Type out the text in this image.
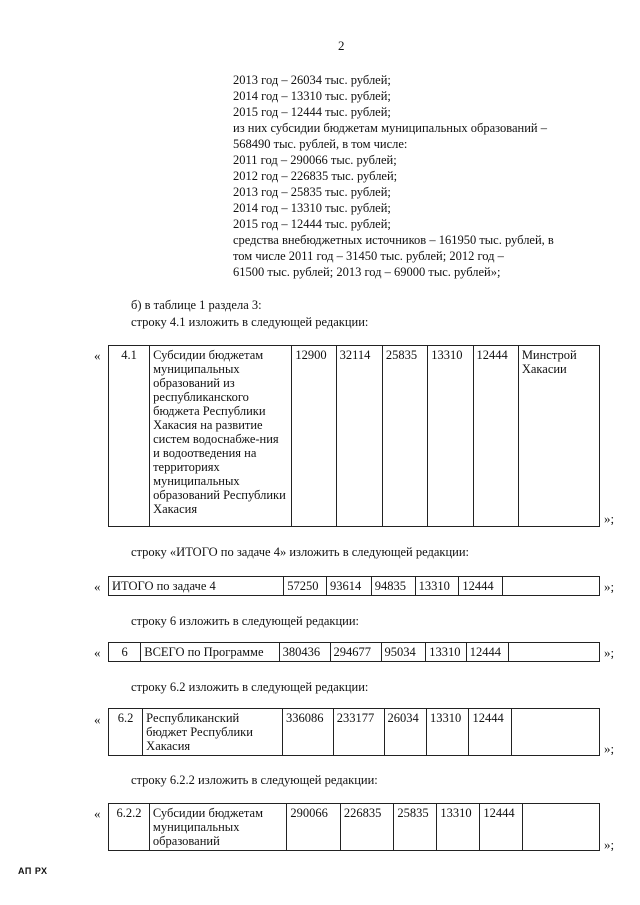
2
2013 год – 26034 тыс. рублей;
2014 год – 13310 тыс. рублей;
2015 год – 12444 тыс. рублей;
из них субсидии бюджетам муниципальных образований –
568490 тыс. рублей, в том числе:
2011 год – 290066 тыс. рублей;
2012 год – 226835 тыс. рублей;
2013 год – 25835 тыс. рублей;
2014 год – 13310 тыс. рублей;
2015 год – 12444 тыс. рублей;
средства внебюджетных источников – 161950 тыс. рублей, в
том числе 2011 год – 31450 тыс. рублей; 2012 год –
61500 тыс. рублей; 2013 год – 69000 тыс. рублей»;
б) в таблице 1 раздела 3:
строку 4.1 изложить в следующей редакции:
« 4.1	Субсидии бюджетам муниципальных образований из республиканского бюджета Республики Хакасия на развитие систем водоснабже-ния и водоотведения на территориях муниципальных образований Республики Хакасия	12900	32114	25835	13310	12444	Минстрой Хакасии
»;
строку «ИТОГО по задаче 4» изложить в следующей редакции:
« ИТОГО по задаче 4	57250	93614	94835	13310	12444		»;
строку 6 изложить в следующей редакции:
« 6	ВСЕГО по Программе	380436	294677	95034	13310	12444		»;
строку 6.2 изложить в следующей редакции:
« 6.2	Республиканский бюджет Республики Хакасия	336086	233177	26034	13310	12444	
»;
строку 6.2.2 изложить в следующей редакции:
« 6.2.2	Субсидии бюджетам муниципальных образований	290066	226835	25835	13310	12444	
»;
АП РХ
